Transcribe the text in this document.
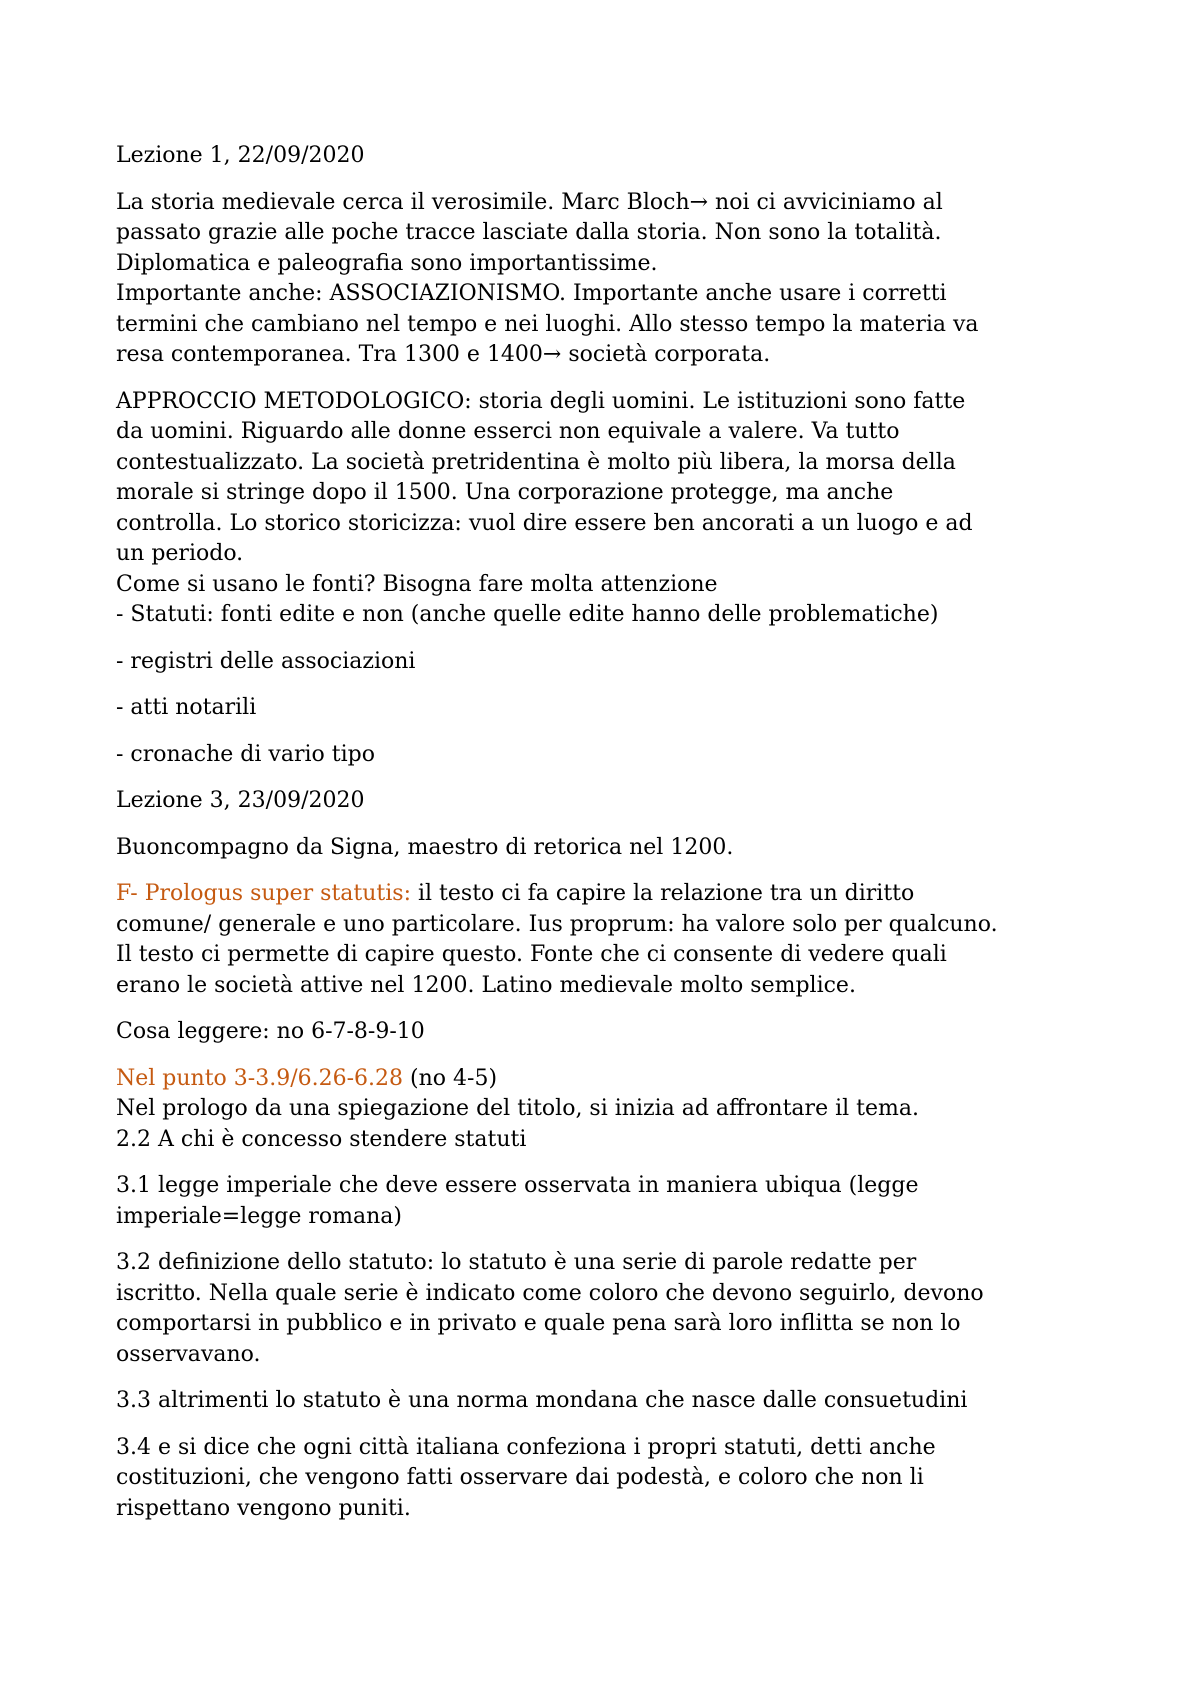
Lezione 1, 22/09/2020

La storia medievale cerca il verosimile. Marc Bloch→ noi ci avviciniamo al
passato grazie alle poche tracce lasciate dalla storia. Non sono la totalità.
Diplomatica e paleografia sono importantissime.
Importante anche: ASSOCIAZIONISMO. Importante anche usare i corretti
termini che cambiano nel tempo e nei luoghi. Allo stesso tempo la materia va
resa contemporanea. Tra 1300 e 1400→ società corporata.

APPROCCIO METODOLOGICO: storia degli uomini. Le istituzioni sono fatte
da uomini. Riguardo alle donne esserci non equivale a valere. Va tutto
contestualizzato. La società pretridentina è molto più libera, la morsa della
morale si stringe dopo il 1500. Una corporazione protegge, ma anche
controlla. Lo storico storicizza: vuol dire essere ben ancorati a un luogo e ad
un periodo.
Come si usano le fonti? Bisogna fare molta attenzione
- Statuti: fonti edite e non (anche quelle edite hanno delle problematiche)

- registri delle associazioni

- atti notarili

- cronache di vario tipo

Lezione 3, 23/09/2020

Buoncompagno da Signa, maestro di retorica nel 1200.

F- Prologus super statutis: il testo ci fa capire la relazione tra un diritto
comune/ generale e uno particolare. Ius proprum: ha valore solo per qualcuno.
Il testo ci permette di capire questo. Fonte che ci consente di vedere quali
erano le società attive nel 1200. Latino medievale molto semplice.

Cosa leggere: no 6-7-8-9-10

Nel punto 3-3.9/6.26-6.28 (no 4-5)
Nel prologo da una spiegazione del titolo, si inizia ad affrontare il tema.
2.2 A chi è concesso stendere statuti

3.1 legge imperiale che deve essere osservata in maniera ubiqua (legge
imperiale=legge romana)

3.2 definizione dello statuto: lo statuto è una serie di parole redatte per
iscritto. Nella quale serie è indicato come coloro che devono seguirlo, devono
comportarsi in pubblico e in privato e quale pena sarà loro inflitta se non lo
osservavano.

3.3 altrimenti lo statuto è una norma mondana che nasce dalle consuetudini

3.4 e si dice che ogni città italiana confeziona i propri statuti, detti anche
costituzioni, che vengono fatti osservare dai podestà, e coloro che non li
rispettano vengono puniti.
